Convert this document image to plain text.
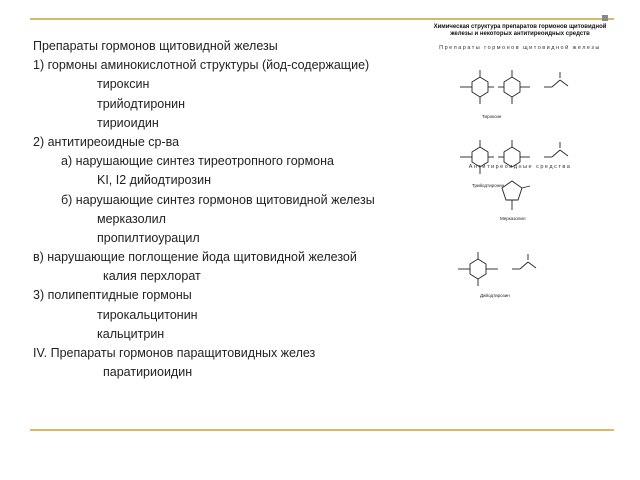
Препараты гормонов щитовидной железы
1) гормоны аминокислотной структуры (йод-содержащие)
тироксин
трийодтиронин
тириоидин
2) антитиреоидные ср-ва
а) нарушающие синтез тиреотропного гормона
KI, I2 дийодтирозин
б) нарушающие синтез гормонов щитовидной железы
мерказолил
пропилтиоурацил
в) нарушающие поглощение йода щитовидной железой
калия перхлорат
3) полипептидные гормоны
тирокальцитонин
кальцитрин
IV. Препараты гормонов паращитовидных желез
паратириоидин
Химическая структура препаратов гормонов щитовидной железы и некоторых антитиреоидных средств
Препараты гормонов щитовидной железы
Антитиреоидные средства
Тироксин
Трийодтиронин
Мерказолил
Дийодтирозин
